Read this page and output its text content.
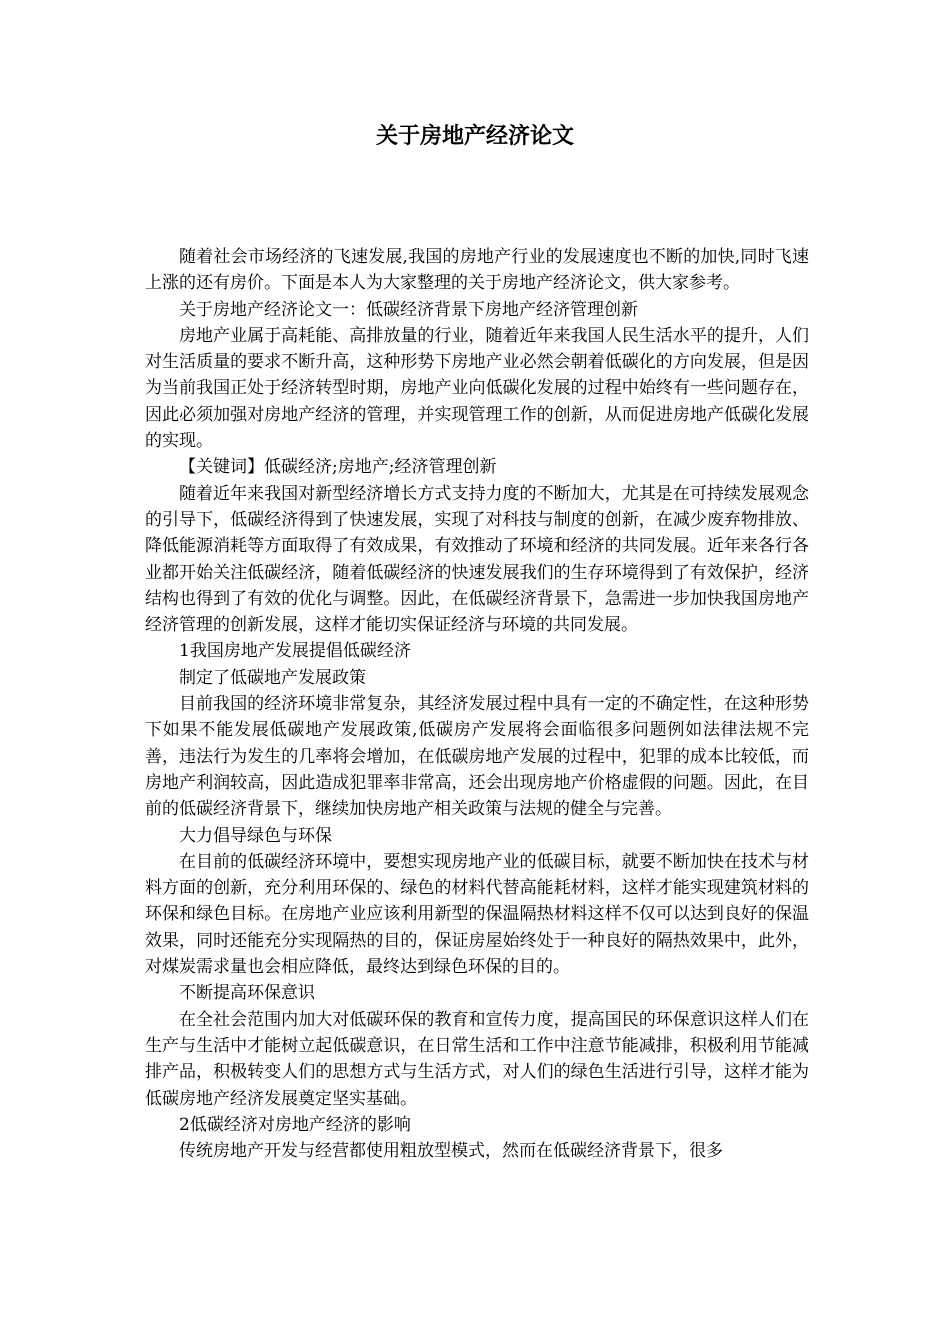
关于房地产经济论文

随着社会市场经济的飞速发展,我国的房地产行业的发展速度也不断的加快,同时飞速上涨的还有房价。下面是本人为大家整理的关于房地产经济论文，供大家参考。

关于房地产经济论文一：低碳经济背景下房地产经济管理创新

房地产业属于高耗能、高排放量的行业，随着近年来我国人民生活水平的提升，人们对生活质量的要求不断升高，这种形势下房地产业必然会朝着低碳化的方向发展，但是因为当前我国正处于经济转型时期，房地产业向低碳化发展的过程中始终有一些问题存在，因此必须加强对房地产经济的管理，并实现管理工作的创新，从而促进房地产低碳化发展的实现。

【关键词】低碳经济;房地产;经济管理创新

随着近年来我国对新型经济增长方式支持力度的不断加大，尤其是在可持续发展观念的引导下，低碳经济得到了快速发展，实现了对科技与制度的创新，在减少废弃物排放、降低能源消耗等方面取得了有效成果，有效推动了环境和经济的共同发展。近年来各行各业都开始关注低碳经济，随着低碳经济的快速发展我们的生存环境得到了有效保护，经济结构也得到了有效的优化与调整。因此，在低碳经济背景下，急需进一步加快我国房地产经济管理的创新发展，这样才能切实保证经济与环境的共同发展。

1我国房地产发展提倡低碳经济

制定了低碳地产发展政策

目前我国的经济环境非常复杂，其经济发展过程中具有一定的不确定性，在这种形势下如果不能发展低碳地产发展政策,低碳房产发展将会面临很多问题例如法律法规不完善，违法行为发生的几率将会增加，在低碳房地产发展的过程中，犯罪的成本比较低，而房地产利润较高，因此造成犯罪率非常高，还会出现房地产价格虚假的问题。因此，在目前的低碳经济背景下，继续加快房地产相关政策与法规的健全与完善。

大力倡导绿色与环保

在目前的低碳经济环境中，要想实现房地产业的低碳目标，就要不断加快在技术与材料方面的创新，充分利用环保的、绿色的材料代替高能耗材料，这样才能实现建筑材料的环保和绿色目标。在房地产业应该利用新型的保温隔热材料这样不仅可以达到良好的保温效果，同时还能充分实现隔热的目的，保证房屋始终处于一种良好的隔热效果中，此外，对煤炭需求量也会相应降低，最终达到绿色环保的目的。

不断提高环保意识

在全社会范围内加大对低碳环保的教育和宣传力度，提高国民的环保意识这样人们在生产与生活中才能树立起低碳意识，在日常生活和工作中注意节能减排，积极利用节能减排产品，积极转变人们的思想方式与生活方式，对人们的绿色生活进行引导，这样才能为低碳房地产经济发展奠定坚实基础。

2低碳经济对房地产经济的影响

传统房地产开发与经营都使用粗放型模式，然而在低碳经济背景下，很多
